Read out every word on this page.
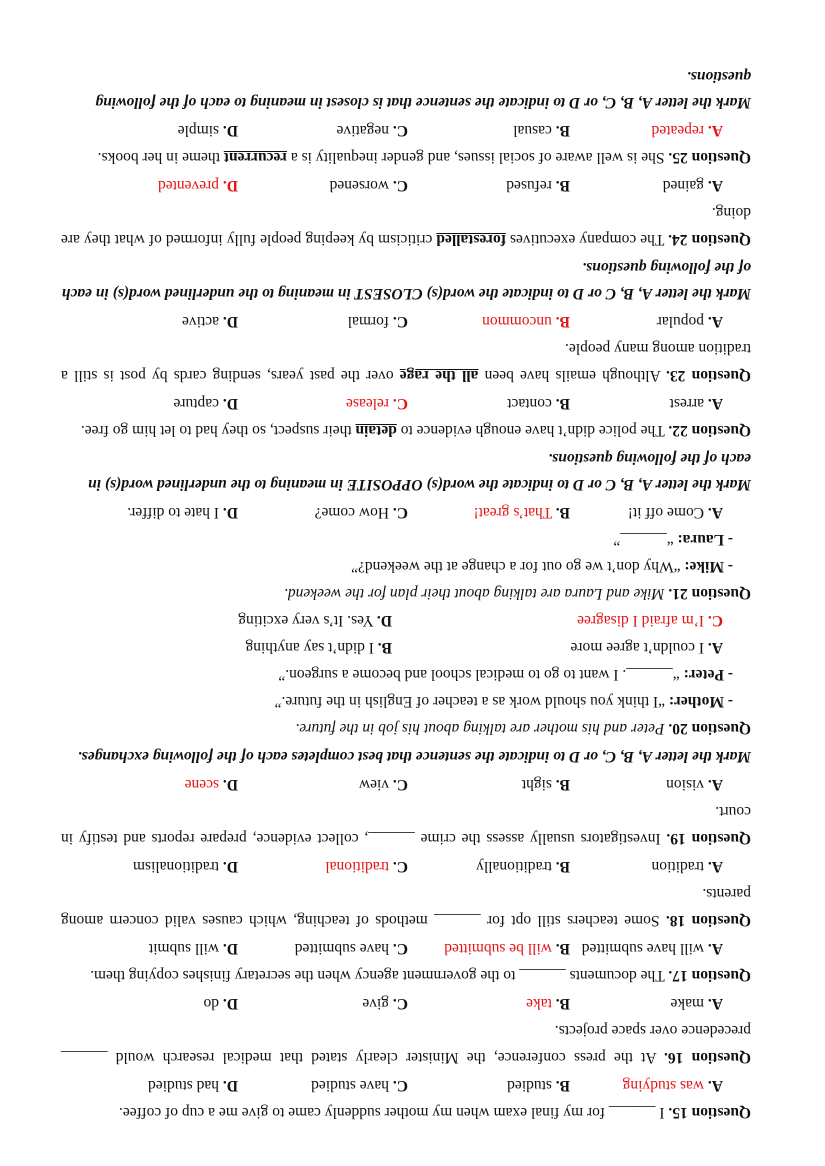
Question 15. I ______ for my final exam when my mother suddenly came to give me a cup of coffee.
A. was studying
B. studied
C. have studied
D. had studied
Question 16. At the press conference, the Minister clearly stated that medical research would ______ precedence over space projects.
A. make
B. take
C. give
D. do
Question 17. The documents ______ to the government agency when the secretary finishes copying them.
A. will have submitted
B. will be submitted
C. have submitted
D. will submit
Question 18. Some teachers still opt for ______ methods of teaching, which causes valid concern among parents.
A. tradition
B. traditionally
C. traditional
D. traditionalism
Question 19. Investigators usually assess the crime ______, collect evidence, prepare reports and testify in court.
A. vision
B. sight
C. view
D. scene
Mark the letter A, B, C, or D to indicate the sentence that best completes each of the following exchanges.
Question 20. Peter and his mother are talking about his job in the future.
- Mother: “I think you should work as a teacher of English in the future.”
- Peter: “______. I want to go to medical school and become a surgeon.”
A. I couldn’t agree more
B. I didn’t say anything
C. I’m afraid I disagree
D. Yes. It’s very exciting
Question 21. Mike and Laura are talking about their plan for the weekend.
- Mike: “Why don’t we go out for a change at the weekend?”
- Laura: “______”
A. Come off it!
B. That’s great!
C. How come?
D. I hate to differ.
Mark the letter A, B, C or D to indicate the word(s) OPPOSITE in meaning to the underlined word(s) in each of the following questions.
Question 22. The police didn’t have enough evidence to detain their suspect, so they had to let him go free.
A. arrest
B. contact
C. release
D. capture
Question 23. Although emails have been all the rage over the past years, sending cards by post is still a tradition among many people.
A. popular
B. uncommon
C. formal
D. active
Mark the letter A, B, C or D to indicate the word(s) CLOSEST in meaning to the underlined word(s) in each of the following questions.
Question 24. The company executives forestalled criticism by keeping people fully informed of what they are doing.
A. gained
B. refused
C. worsened
D. prevented
Question 25. She is well aware of social issues, and gender inequality is a recurrent theme in her books.
A. repeated
B. casual
C. negative
D. simple
Mark the letter A, B, C, or D to indicate the sentence that is closest in meaning to each of the following questions.
